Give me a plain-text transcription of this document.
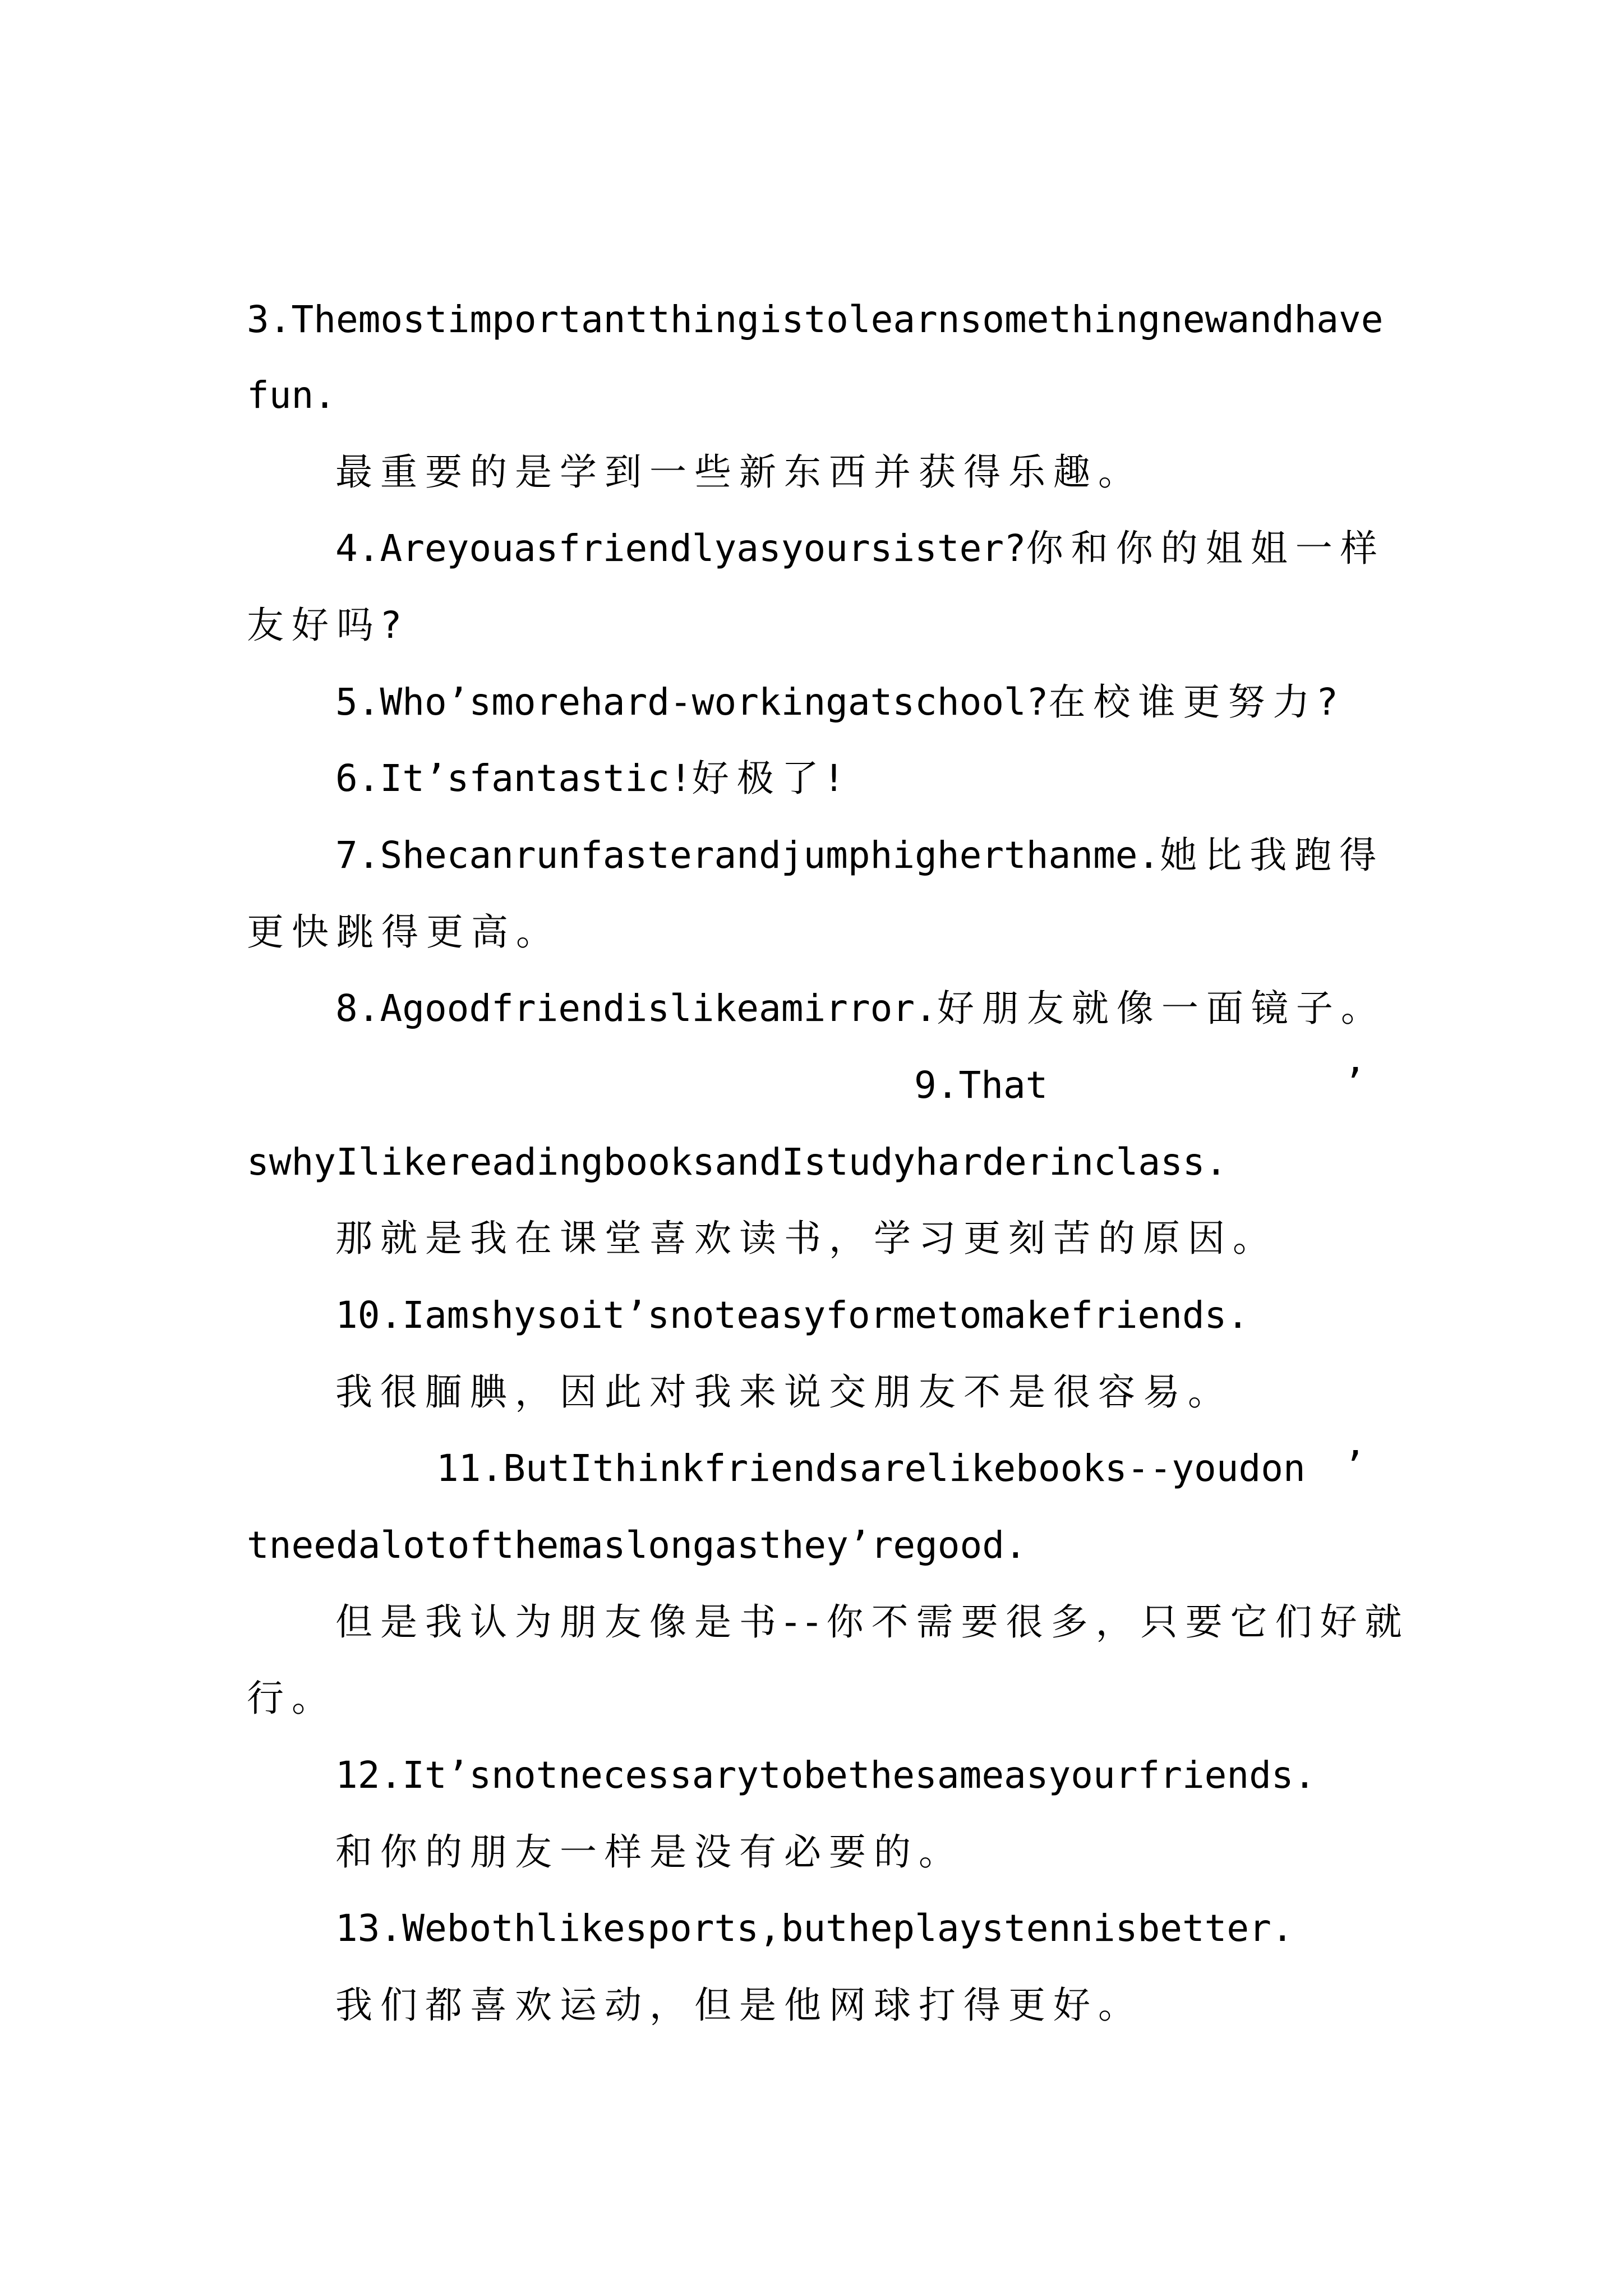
3.Themostimportantthingistolearnsomethingnewandhave

fun.

最重要的是学到一些新东西并获得乐趣。

4.Areyouasfriendlyasyoursister?你和你的姐姐一样

友好吗?

5.Who’smorehard-workingatschool?在校谁更努力?

6.It’sfantastic!好极了!

7.Shecanrunfasterandjumphigherthanme.她比我跑得

更快跳得更高。

8.Agoodfriendislikeamirror.好朋友就像一面镜子。

9.That	’

swhyIlikereadingbooksandIstudyharderinclass.

那就是我在课堂喜欢读书，学习更刻苦的原因。

10.Iamshysoit’snoteasyformetomakefriends.

我很腼腆，因此对我来说交朋友不是很容易。

11.ButIthinkfriendsarelikebooks--youdon ’

tneedalotofthemaslongasthey’regood.

但是我认为朋友像是书--你不需要很多，只要它们好就

行。

12.It’snotnecessarytobethesameasyourfriends.

和你的朋友一样是没有必要的。

13.Webothlikesports,butheplaystennisbetter.

我们都喜欢运动，但是他网球打得更好。
